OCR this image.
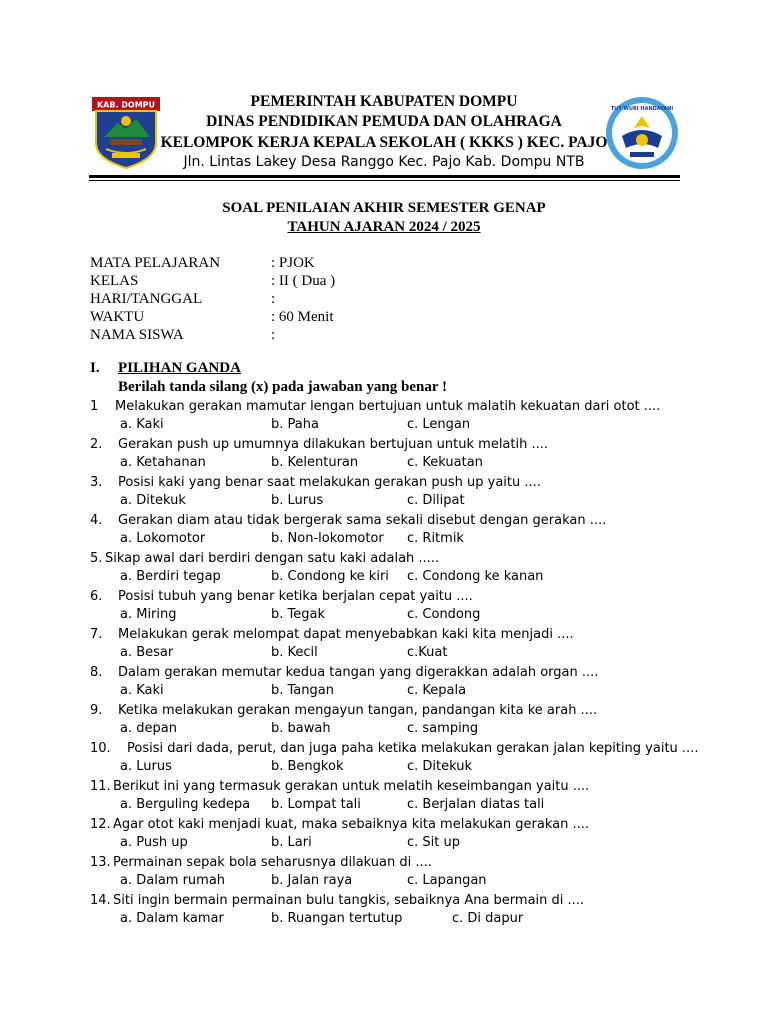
KAB. DOMPU	TUT WURI HANDAYANI
PEMERINTAH KABUPATEN DOMPU
DINAS PENDIDIKAN PEMUDA DAN OLAHRAGA
KELOMPOK KERJA KEPALA SEKOLAH ( KKKS ) KEC. PAJO
Jln. Lintas Lakey Desa Ranggo Kec. Pajo Kab. Dompu NTB
SOAL PENILAIAN AKHIR SEMESTER GENAP
TAHUN AJARAN 2024 / 2025
MATA PELAJARAN	: PJOK
KELAS	: II ( Dua )
HARI/TANGGAL	:
WAKTU	: 60 Menit
NAMA SISWA	:
I. PILIHAN GANDA
Berilah tanda silang (x) pada jawaban yang benar !
1 Melakukan gerakan mamutar lengan bertujuan untuk malatih kekuatan dari otot ....
a. Kaki	b. Paha	c. Lengan
2. Gerakan push up umumnya dilakukan bertujuan untuk melatih ....
a. Ketahanan	b. Kelenturan	c. Kekuatan
3. Posisi kaki yang benar saat melakukan gerakan push up yaitu ....
a. Ditekuk	b. Lurus	c. Dilipat
4. Gerakan diam atau tidak bergerak sama sekali disebut dengan gerakan ....
a. Lokomotor	b. Non-lokomotor c. Ritmik
5. Sikap awal dari berdiri dengan satu kaki adalah .....
a. Berdiri tegap	b. Condong ke kiri c. Condong ke kanan
6. Posisi tubuh yang benar ketika berjalan cepat yaitu ....
a. Miring	b. Tegak	c. Condong
7. Melakukan gerak melompat dapat menyebabkan kaki kita menjadi ....
a. Besar	b. Kecil	c.Kuat
8. Dalam gerakan memutar kedua tangan yang digerakkan adalah organ ....
a. Kaki	b. Tangan	c. Kepala
9. Ketika melakukan gerakan mengayun tangan, pandangan kita ke arah ....
a. depan	b. bawah	c. samping
10. Posisi dari dada, perut, dan juga paha ketika melakukan gerakan jalan kepiting yaitu ....
a. Lurus	b. Bengkok	c. Ditekuk
11. Berikut ini yang termasuk gerakan untuk melatih keseimbangan yaitu ....
a. Berguling kedepa b. Lompat tali	c. Berjalan diatas tali
12. Agar otot kaki menjadi kuat, maka sebaiknya kita melakukan gerakan ....
a. Push up	b. Lari	c. Sit up
13. Permainan sepak bola seharusnya dilakuan di ....
a. Dalam rumah	b. Jalan raya	c. Lapangan
14. Siti ingin bermain permainan bulu tangkis, sebaiknya Ana bermain di ....
a. Dalam kamar	b. Ruangan tertutup	c. Di dapur
